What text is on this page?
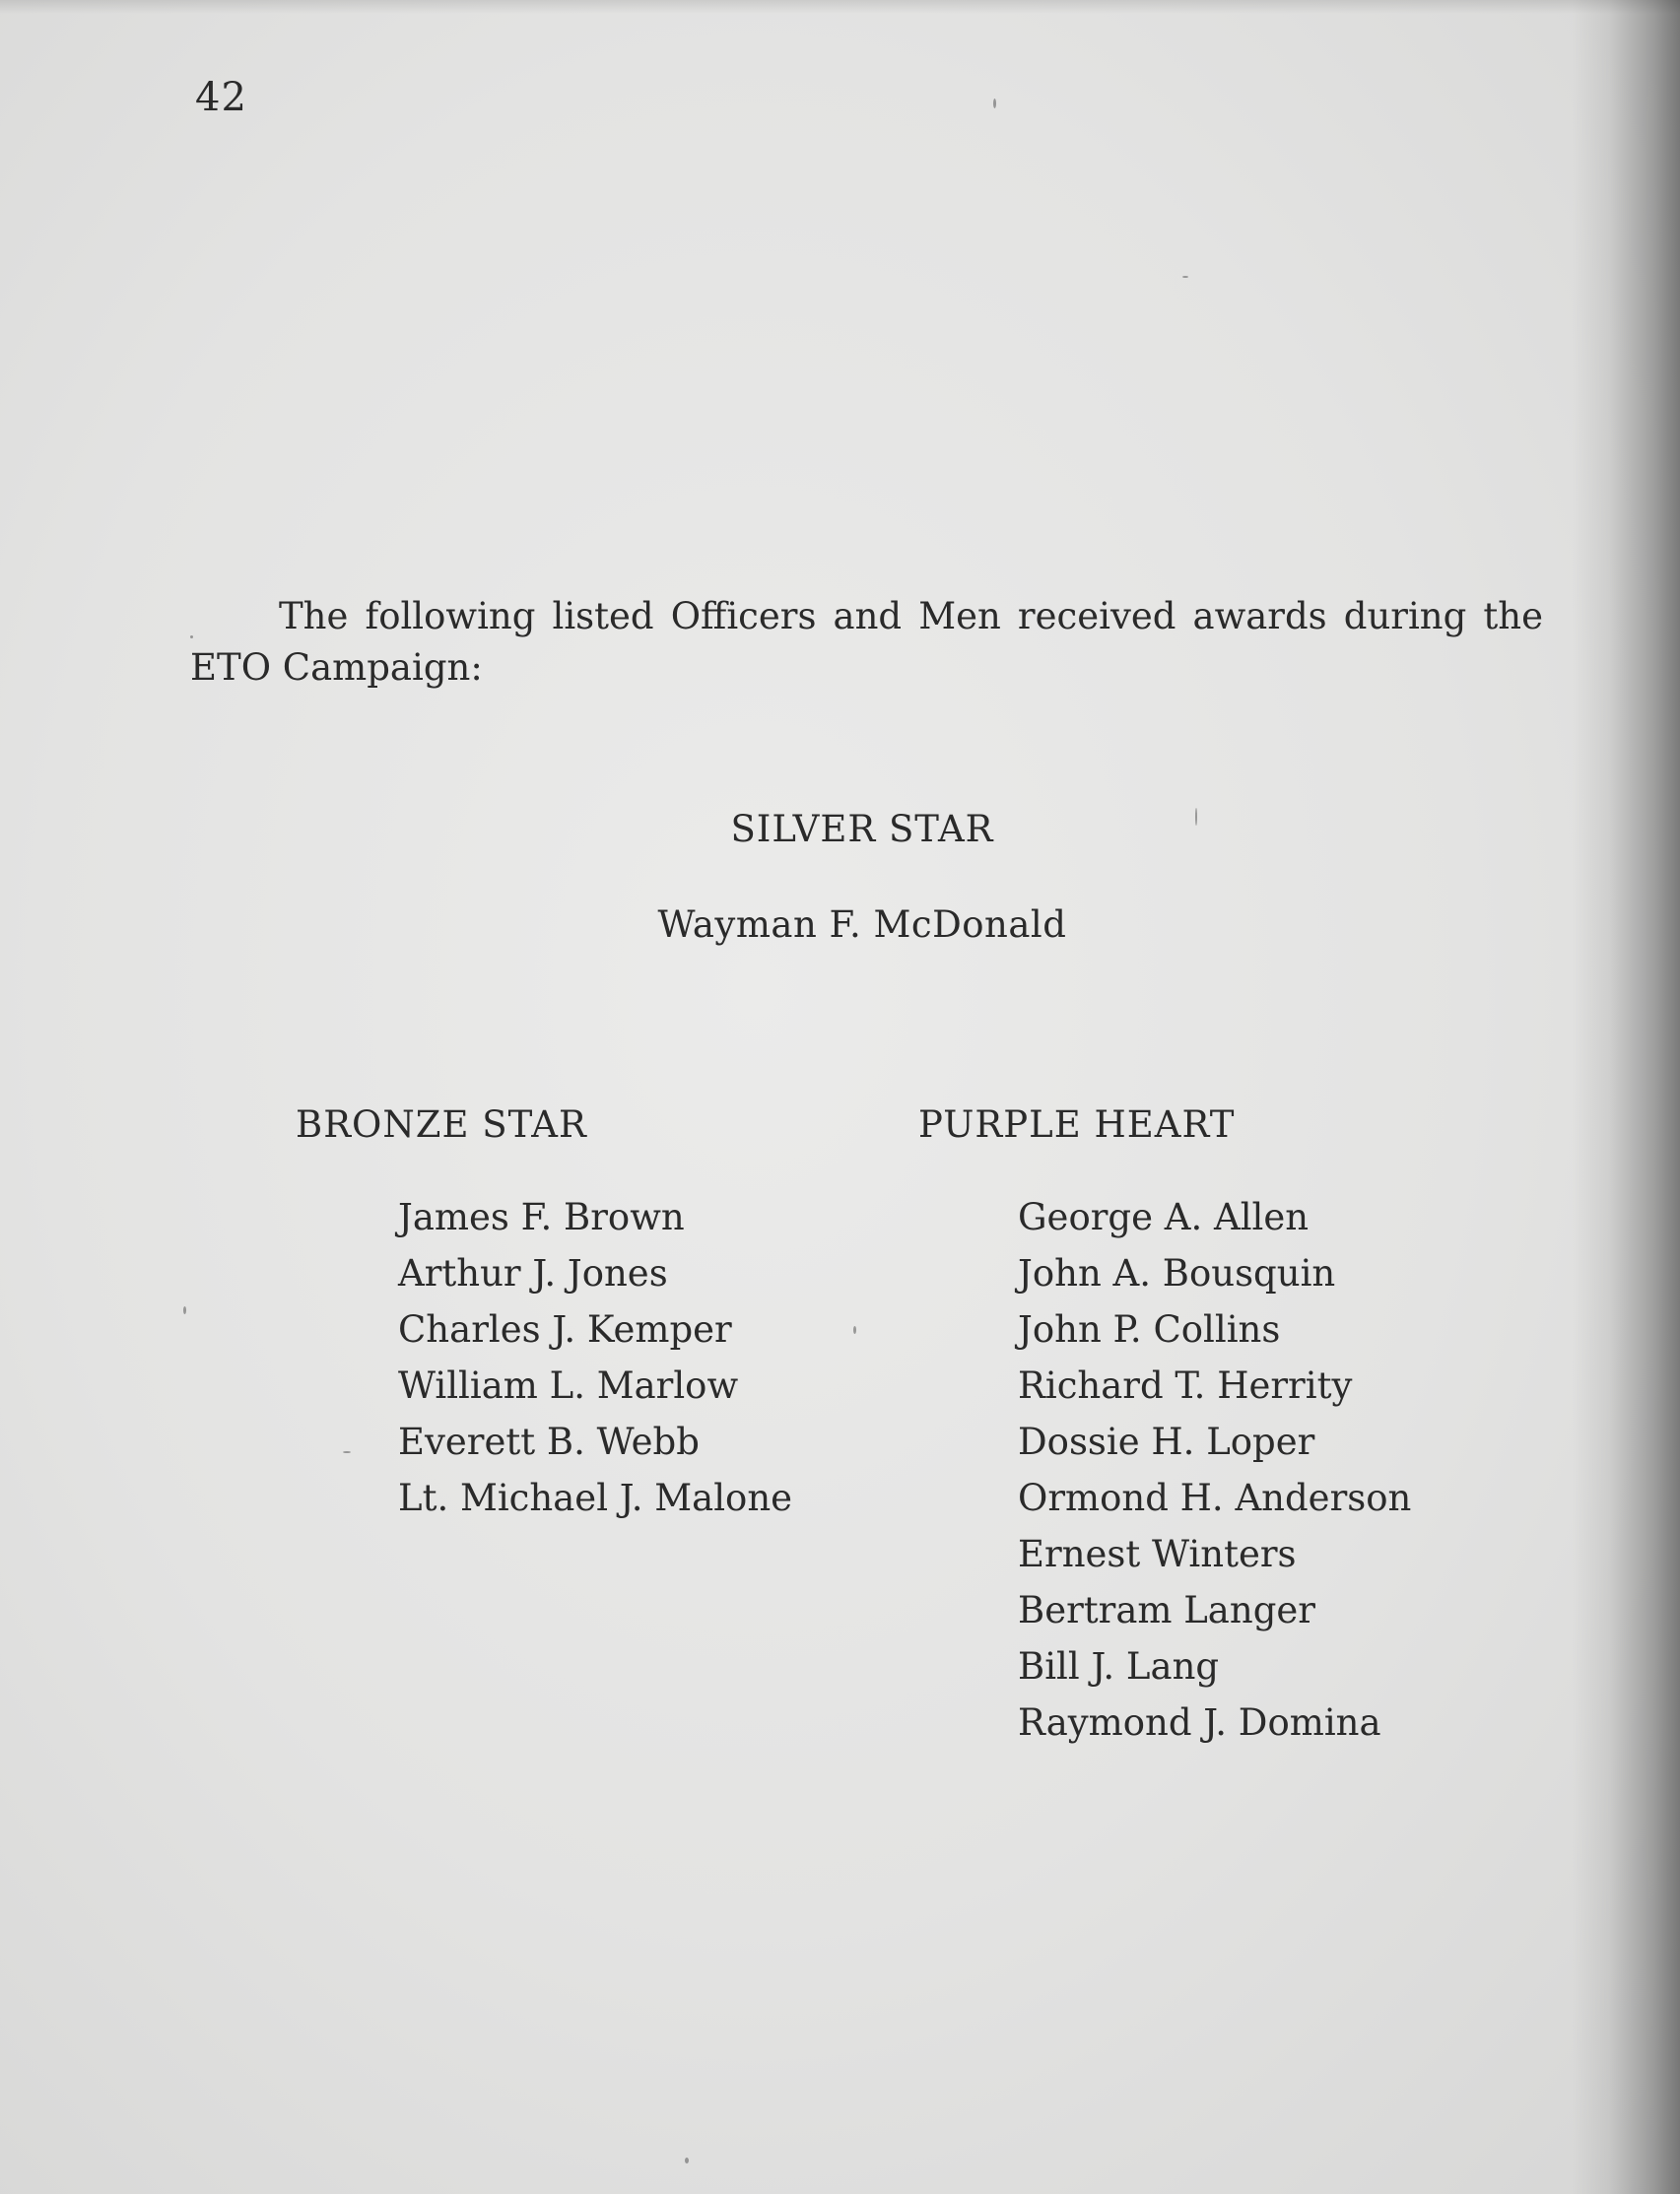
42
The following listed Officers and Men received awards during the
ETO Campaign:
SILVER STAR
Wayman F. McDonald
BRONZE STAR
James F. Brown
Arthur J. Jones
Charles J. Kemper
William L. Marlow
Everett B. Webb
Lt. Michael J. Malone
PURPLE HEART
George A. Allen
John A. Bousquin
John P. Collins
Richard T. Herrity
Dossie H. Loper
Ormond H. Anderson
Ernest Winters
Bertram Langer
Bill J. Lang
Raymond J. Domina
